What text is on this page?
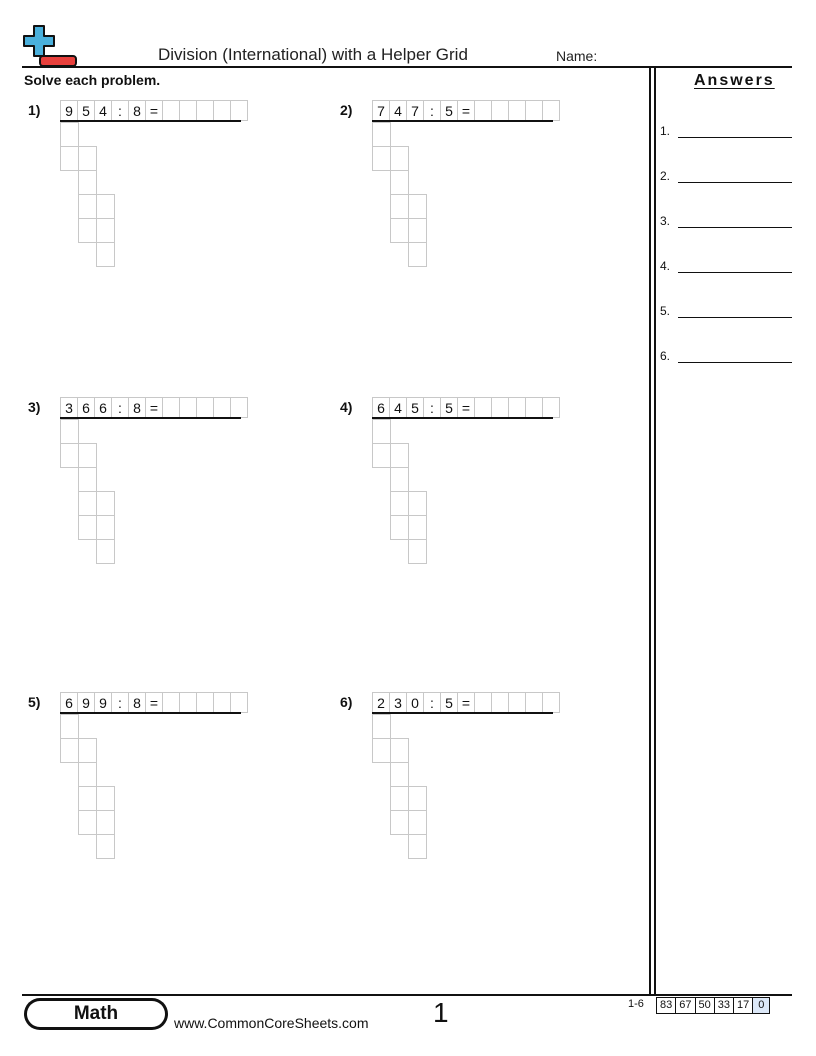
Division (International) with a Helper Grid	Name:
Solve each problem.	Answers
1.
2.
3.
4.
5.
6.
1)	9 5 4 : 8 =	2)	7 4 7 : 5 =
3)	3 6 6 : 8 =	4)	6 4 5 : 5 =
5)	6 9 9 : 8 =	6)	2 3 0 : 5 =
Math	www.CommonCoreSheets.com 1	1-6	83 67 50 33 17 0
